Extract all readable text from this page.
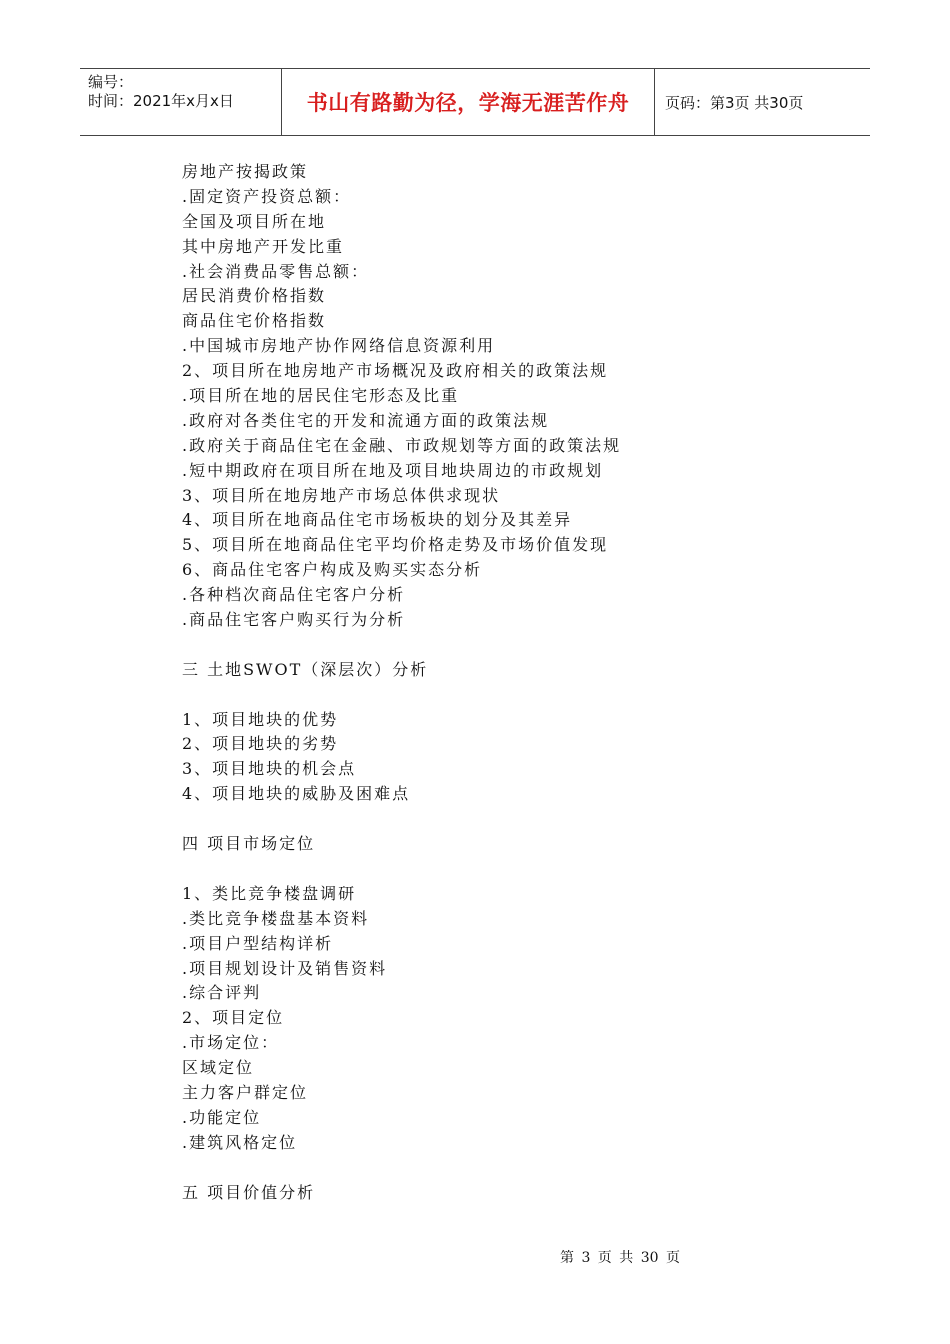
编号：
时间：2021年x月x日	书山有路勤为径，学海无涯苦作舟	页码：第3页 共30页
房地产按揭政策
.固定资产投资总额：
全国及项目所在地
其中房地产开发比重
.社会消费品零售总额：
居民消费价格指数
商品住宅价格指数
.中国城市房地产协作网络信息资源利用
2、项目所在地房地产市场概况及政府相关的政策法规
.项目所在地的居民住宅形态及比重
.政府对各类住宅的开发和流通方面的政策法规
.政府关于商品住宅在金融、市政规划等方面的政策法规
.短中期政府在项目所在地及项目地块周边的市政规划
3、项目所在地房地产市场总体供求现状
4、项目所在地商品住宅市场板块的划分及其差异
5、项目所在地商品住宅平均价格走势及市场价值发现
6、商品住宅客户构成及购买实态分析
.各种档次商品住宅客户分析
.商品住宅客户购买行为分析
三 土地SWOT（深层次）分析
1、项目地块的优势
2、项目地块的劣势
3、项目地块的机会点
4、项目地块的威胁及困难点
四 项目市场定位
1、类比竞争楼盘调研
.类比竞争楼盘基本资料
.项目户型结构详析
.项目规划设计及销售资料
.综合评判
2、项目定位
.市场定位：
区域定位
主力客户群定位
.功能定位
.建筑风格定位
五 项目价值分析
第 3 页 共 30 页
